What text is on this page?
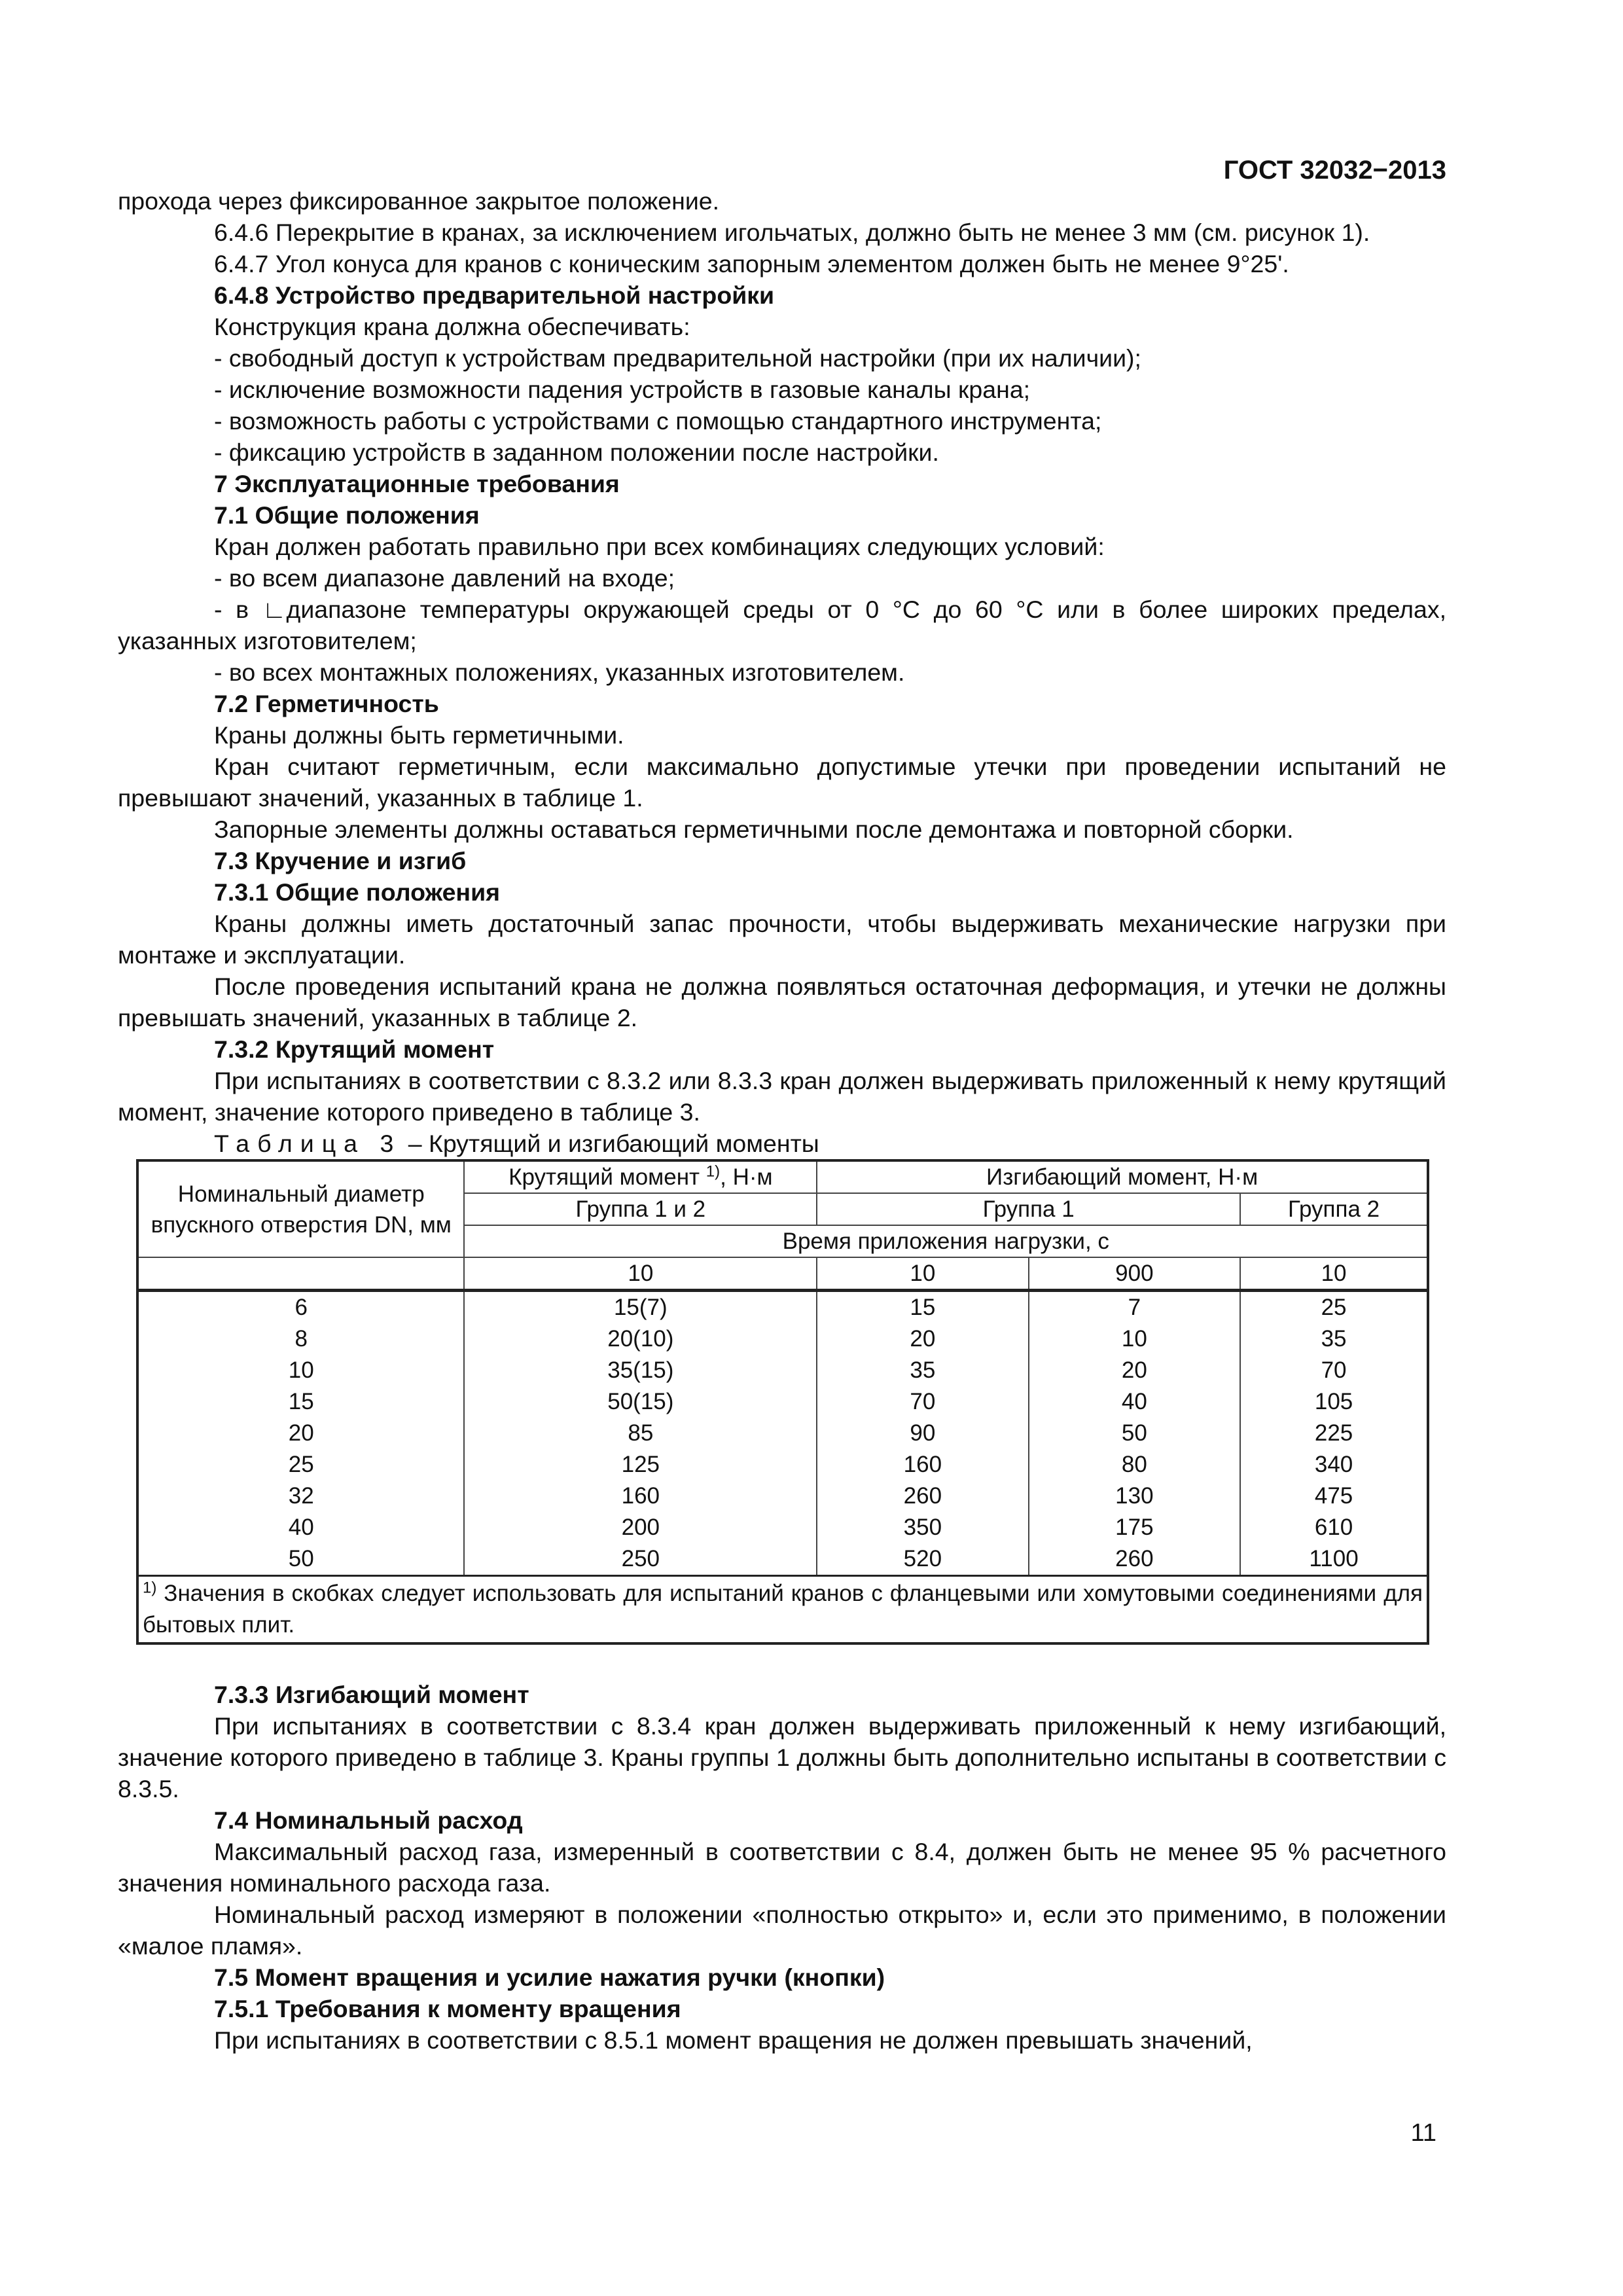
ГОСТ 32032−2013

прохода через фиксированное закрытое положение.

6.4.6 Перекрытие в кранах, за исключением игольчатых, должно быть не менее 3 мм (см. рисунок 1).

6.4.7 Угол конуса для кранов с коническим запорным элементом должен быть не менее 9°25'.

6.4.8 Устройство предварительной настройки

Конструкция крана должна обеспечивать:

- свободный доступ к устройствам предварительной настройки (при их наличии);

- исключение возможности падения устройств в газовые каналы крана;

- возможность работы с устройствами с помощью стандартного инструмента;

- фиксацию устройств в заданном положении после настройки.

7 Эксплуатационные требования

7.1 Общие положения

Кран должен работать правильно при всех комбинациях следующих условий:

- во всем диапазоне давлений на входе;

- в ∟диапазоне температуры окружающей среды от 0 °С до 60 °С или в более широких пределах, указанных изготовителем;

- во всех монтажных положениях, указанных изготовителем.

7.2 Герметичность

Краны должны быть герметичными.

Кран считают герметичным, если максимально допустимые утечки при проведении испытаний не превышают значений, указанных в таблице 1.

Запорные элементы должны оставаться герметичными после демонтажа и повторной сборки.

7.3 Кручение и изгиб

7.3.1 Общие положения

Краны должны иметь достаточный запас прочности, чтобы выдерживать механические нагрузки при монтаже и эксплуатации.

После проведения испытаний крана не должна появляться остаточная деформация, и утечки не должны превышать значений, указанных в таблице 2.

7.3.2 Крутящий момент

При испытаниях в соответствии с 8.3.2 или 8.3.3 кран должен выдерживать приложенный к нему крутящий момент, значение которого приведено в таблице 3.

Таблица 3 – Крутящий и изгибающий моменты

Номинальный диаметр впускного отверстия DN, мм	Крутящий момент $^{1)}$, Н·м	Изгибающий момент, Н·м		
	Группа 1 и 2	Группа 1		Группа 2
	Время приложения нагрузки, с			
	10	10	900	10
6	15(7)	15	7	25
8	20(10)	20	10	35
10	35(15)	35	20	70
15	50(15)	70	40	105
20	85	90	50	225
25	125	160	80	340
32	160	260	130	475
40	200	350	175	610
50	250	520	260	1100
$^{1)}$ Значения в скобках следует использовать для испытаний кранов с фланцевыми или хомутовыми соединениями для бытовых плит.				

7.3.3 Изгибающий момент

При испытаниях в соответствии с 8.3.4 кран должен выдерживать приложенный к нему изгибающий, значение которого приведено в таблице 3. Краны группы 1 должны быть дополнительно испытаны в соответствии с 8.3.5.

7.4 Номинальный расход

Максимальный расход газа, измеренный в соответствии с 8.4, должен быть не менее 95 % расчетного значения номинального расхода газа.

Номинальный расход измеряют в положении «полностью открыто» и, если это применимо, в положении «малое пламя».

7.5 Момент вращения и усилие нажатия ручки (кнопки)

7.5.1 Требования к моменту вращения

При испытаниях в соответствии с 8.5.1 момент вращения не должен превышать значений,

11
